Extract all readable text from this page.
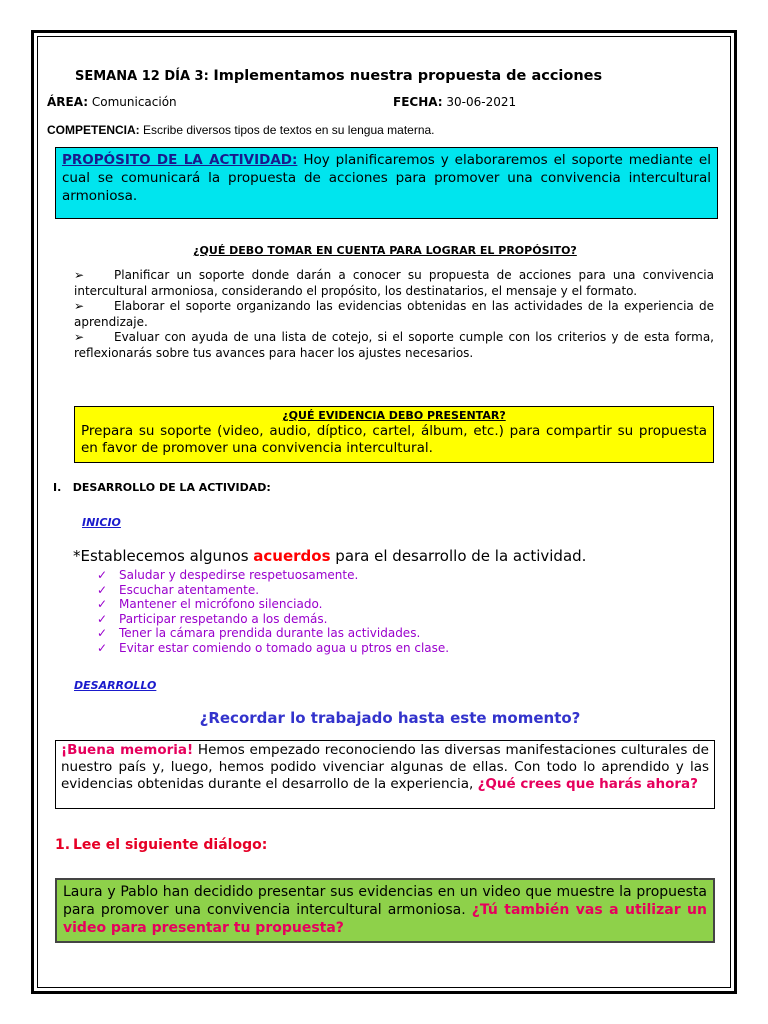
SEMANA 12 DÍA 3: Implementamos nuestra propuesta de acciones
ÁREA: Comunicación	FECHA: 30-06-2021
COMPETENCIA: Escribe diversos tipos de textos en su lengua materna.
PROPÓSITO DE LA ACTIVIDAD: Hoy planificaremos y elaboraremos el soporte mediante el cual se comunicará la propuesta de acciones para promover una convivencia intercultural armoniosa.
¿QUÉ DEBO TOMAR EN CUENTA PARA LOGRAR EL PROPÓSITO?
➢ Planificar un soporte donde darán a conocer su propuesta de acciones para una convivencia intercultural armoniosa, considerando el propósito, los destinatarios, el mensaje y el formato.
➢ Elaborar el soporte organizando las evidencias obtenidas en las actividades de la experiencia de aprendizaje.
➢ Evaluar con ayuda de una lista de cotejo, si el soporte cumple con los criterios y de esta forma, reflexionarás sobre tus avances para hacer los ajustes necesarios.
¿QUÉ EVIDENCIA DEBO PRESENTAR?
Prepara su soporte (video, audio, díptico, cartel, álbum, etc.) para compartir su propuesta en favor de promover una convivencia intercultural.
I. DESARROLLO DE LA ACTIVIDAD:
INICIO
*Establecemos algunos acuerdos para el desarrollo de la actividad.
✓ Saludar y despedirse respetuosamente.
✓ Escuchar atentamente.
✓ Mantener el micrófono silenciado.
✓ Participar respetando a los demás.
✓ Tener la cámara prendida durante las actividades.
✓ Evitar estar comiendo o tomado agua u ptros en clase.
DESARROLLO
¿Recordar lo trabajado hasta este momento?
¡Buena memoria! Hemos empezado reconociendo las diversas manifestaciones culturales de nuestro país y, luego, hemos podido vivenciar algunas de ellas. Con todo lo aprendido y las evidencias obtenidas durante el desarrollo de la experiencia, ¿Qué crees que harás ahora?
1. Lee el siguiente diálogo:
Laura y Pablo han decidido presentar sus evidencias en un video que muestre la propuesta para promover una convivencia intercultural armoniosa. ¿Tú también vas a utilizar un video para presentar tu propuesta?
